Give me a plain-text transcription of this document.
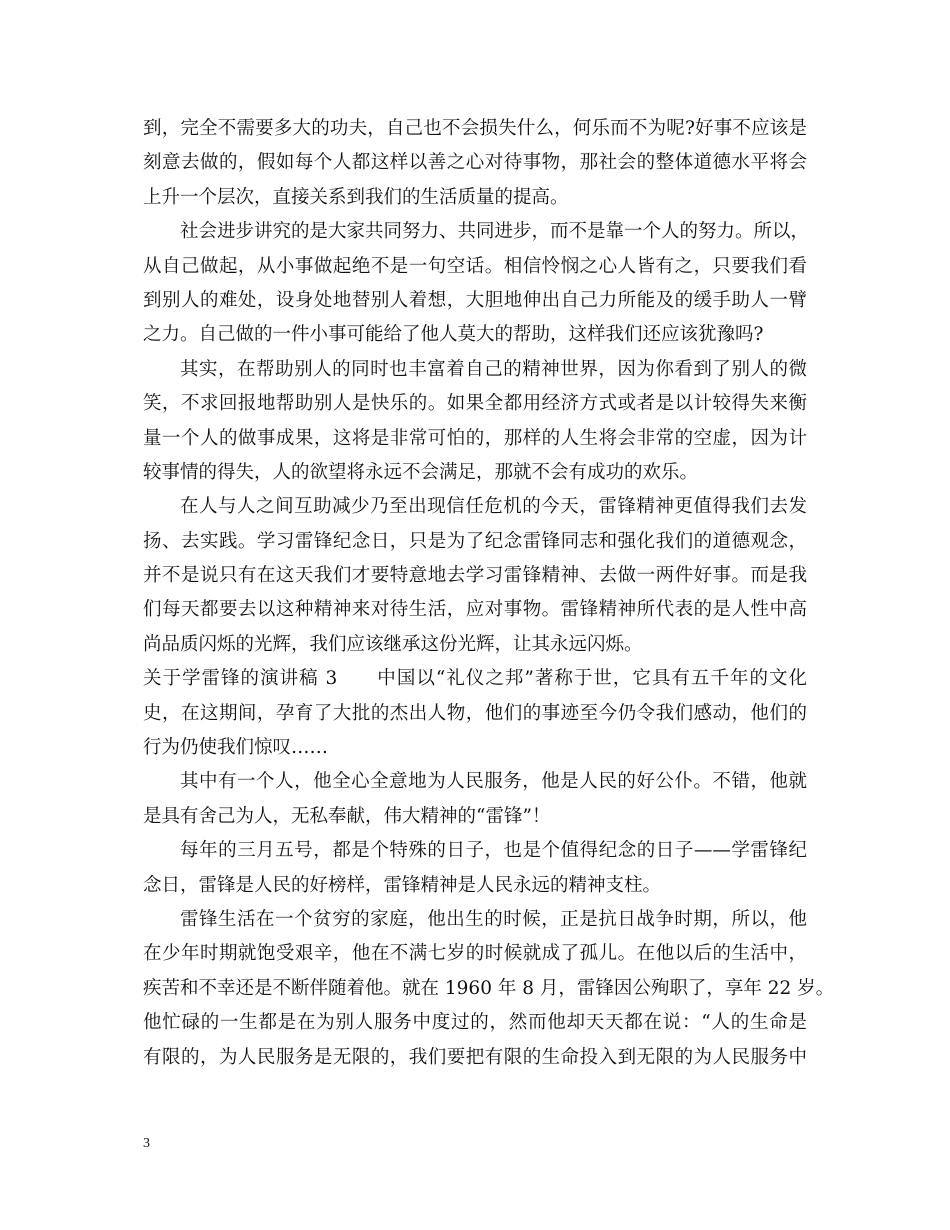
到，完全不需要多大的功夫，自己也不会损失什么，何乐而不为呢?好事不应该是
刻意去做的，假如每个人都这样以善之心对待事物，那社会的整体道德水平将会
上升一个层次，直接关系到我们的生活质量的提高。
社会进步讲究的是大家共同努力、共同进步，而不是靠一个人的努力。所以，
从自己做起，从小事做起绝不是一句空话。相信怜悯之心人皆有之，只要我们看
到别人的难处，设身处地替别人着想，大胆地伸出自己力所能及的缓手助人一臂
之力。自己做的一件小事可能给了他人莫大的帮助，这样我们还应该犹豫吗?
其实，在帮助别人的同时也丰富着自己的精神世界，因为你看到了别人的微
笑，不求回报地帮助别人是快乐的。如果全都用经济方式或者是以计较得失来衡
量一个人的做事成果，这将是非常可怕的，那样的人生将会非常的空虚，因为计
较事情的得失，人的欲望将永远不会满足，那就不会有成功的欢乐。
在人与人之间互助减少乃至出现信任危机的今天，雷锋精神更值得我们去发
扬、去实践。学习雷锋纪念日，只是为了纪念雷锋同志和强化我们的道德观念，
并不是说只有在这天我们才要特意地去学习雷锋精神、去做一两件好事。而是我
们每天都要去以这种精神来对待生活，应对事物。雷锋精神所代表的是人性中高
尚品质闪烁的光辉，我们应该继承这份光辉，让其永远闪烁。
关于学雷锋的演讲稿 3　　中国以“礼仪之邦”著称于世，它具有五千年的文化
史，在这期间，孕育了大批的杰出人物，他们的事迹至今仍令我们感动，他们的
行为仍使我们惊叹……
其中有一个人，他全心全意地为人民服务，他是人民的好公仆。不错，他就
是具有舍己为人，无私奉献，伟大精神的“雷锋”！
每年的三月五号，都是个特殊的日子，也是个值得纪念的日子——学雷锋纪
念日，雷锋是人民的好榜样，雷锋精神是人民永远的精神支柱。
雷锋生活在一个贫穷的家庭，他出生的时候，正是抗日战争时期，所以，他
在少年时期就饱受艰辛，他在不满七岁的时候就成了孤儿。在他以后的生活中，
疾苦和不幸还是不断伴随着他。就在 1960 年 8 月，雷锋因公殉职了，享年 22 岁。
他忙碌的一生都是在为别人服务中度过的，然而他却天天都在说：“人的生命是
有限的，为人民服务是无限的，我们要把有限的生命投入到无限的为人民服务中
3
